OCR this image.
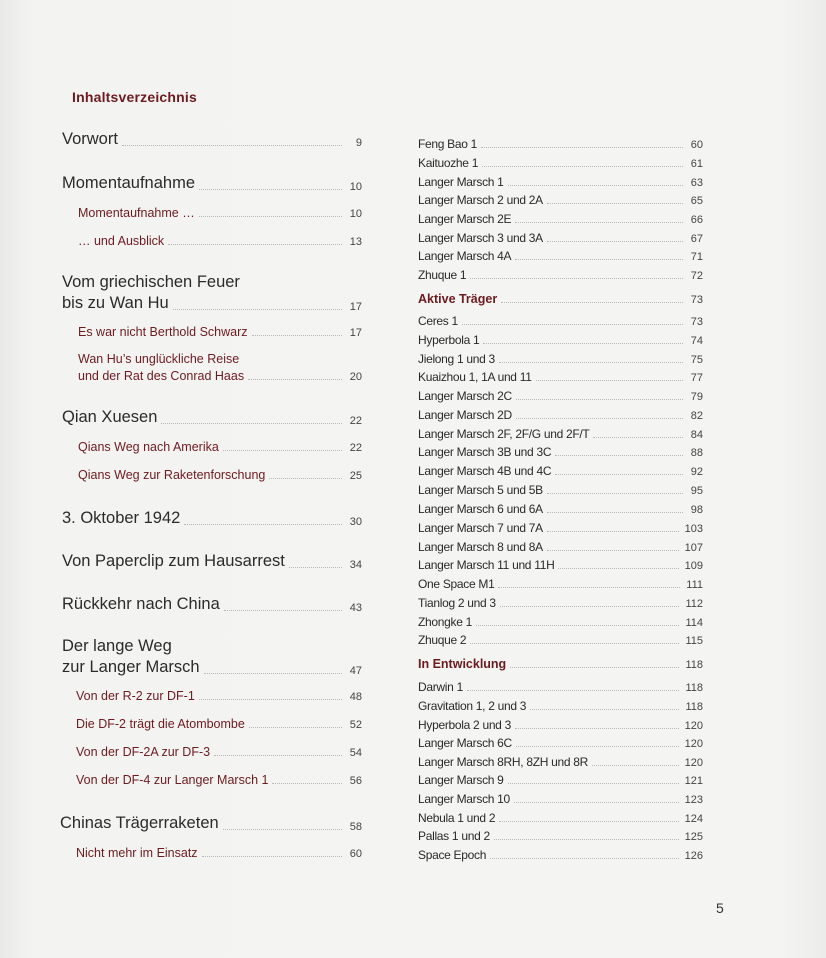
Inhaltsverzeichnis
Vorwort	9
Momentaufnahme	10
Momentaufnahme …	10
… und Ausblick	13
Vom griechischen Feuer
bis zu Wan Hu	17
Es war nicht Berthold Schwarz	17
Wan Hu’s unglückliche Reise
und der Rat des Conrad Haas	20
Qian Xuesen	22
Qians Weg nach Amerika	22
Qians Weg zur Raketenforschung	25
3. Oktober 1942	30
Von Paperclip zum Hausarrest	34
Rückkehr nach China	43
Der lange Weg
zur Langer Marsch	47
Von der R-2 zur DF-1	48
Die DF-2 trägt die Atombombe	52
Von der DF-2A zur DF-3	54
Von der DF-4 zur Langer Marsch 1	56
Chinas Trägerraketen	58
Nicht mehr im Einsatz	60
Feng Bao 1	60
Kaituozhe 1	61
Langer Marsch 1	63
Langer Marsch 2 und 2A	65
Langer Marsch 2E	66
Langer Marsch 3 und 3A	67
Langer Marsch 4A	71
Zhuque 1	72
Aktive Träger	73
Ceres 1	73
Hyperbola 1	74
Jielong 1 und 3	75
Kuaizhou 1, 1A und 11	77
Langer Marsch 2C	79
Langer Marsch 2D	82
Langer Marsch 2F, 2F/G und 2F/T	84
Langer Marsch 3B und 3C	88
Langer Marsch 4B und 4C	92
Langer Marsch 5 und 5B	95
Langer Marsch 6 und 6A	98
Langer Marsch 7 und 7A	103
Langer Marsch 8 und 8A	107
Langer Marsch 11 und 11H	109
One Space M1	111
Tianlog 2 und 3	112
Zhongke 1	114
Zhuque 2	115
In Entwicklung	118
Darwin 1	118
Gravitation 1, 2 und 3	118
Hyperbola 2 und 3	120
Langer Marsch 6C	120
Langer Marsch 8RH, 8ZH und 8R	120
Langer Marsch 9	121
Langer Marsch 10	123
Nebula 1 und 2	124
Pallas 1 und 2	125
Space Epoch	126
5
